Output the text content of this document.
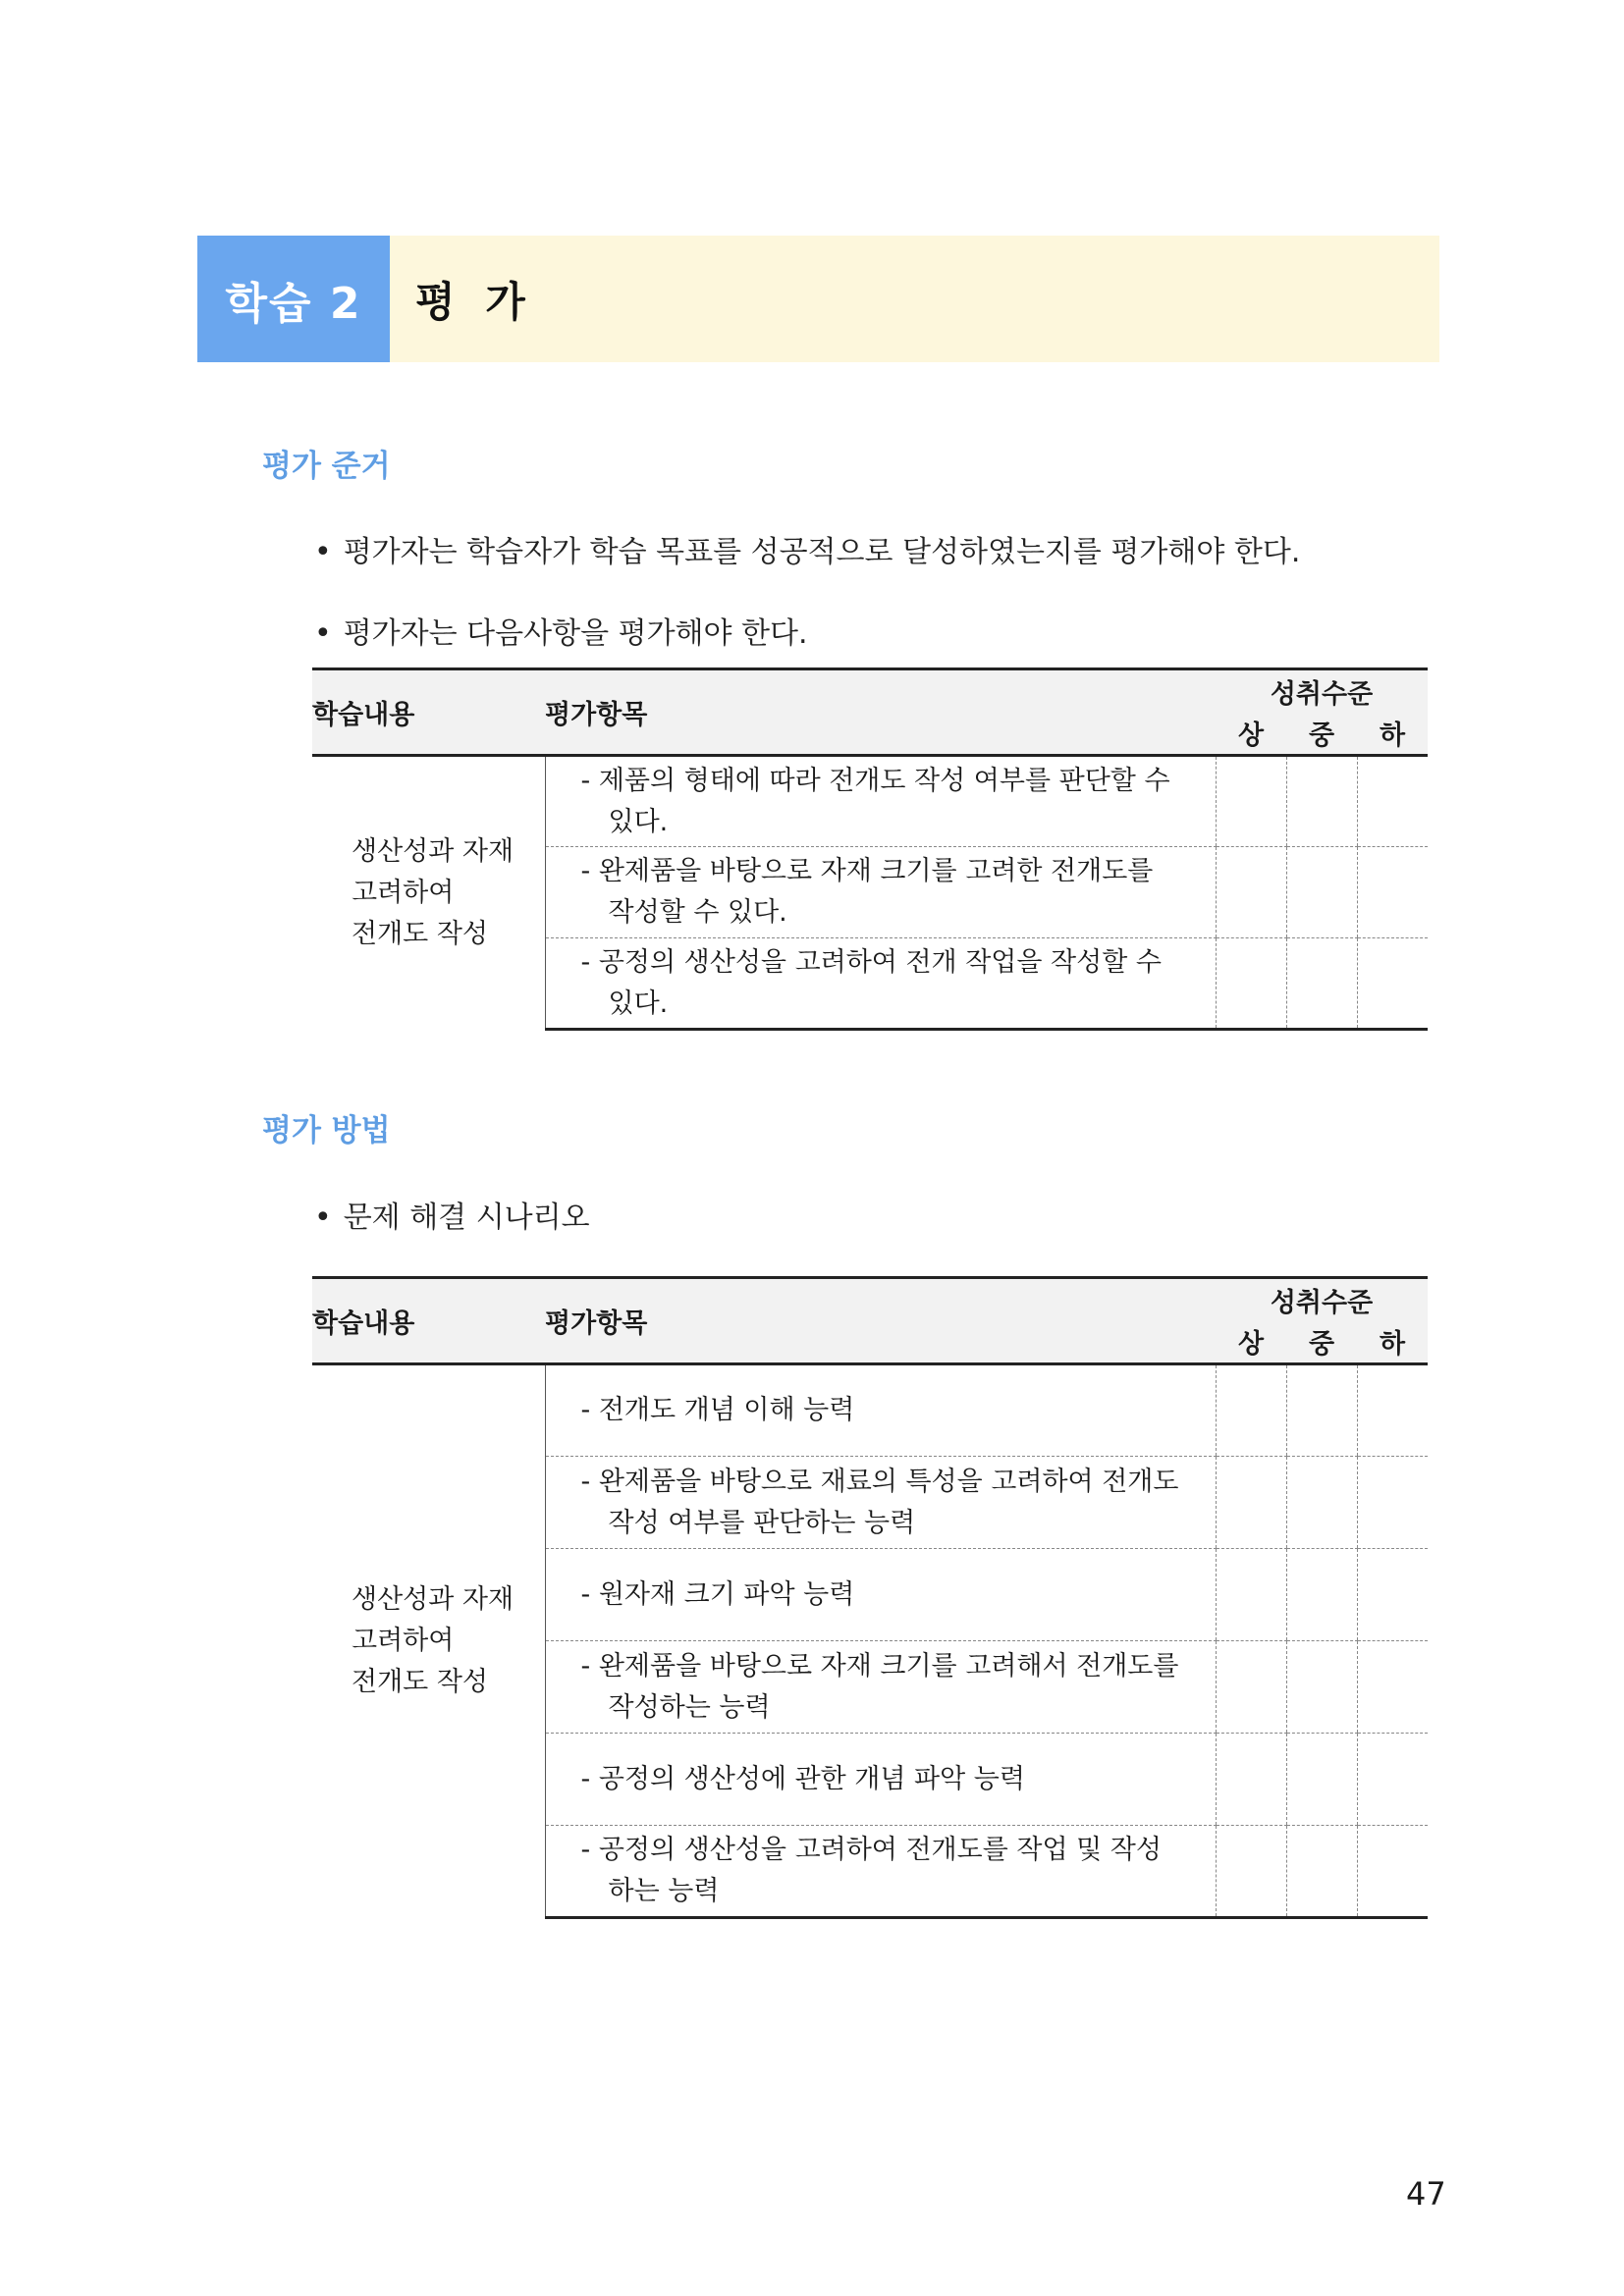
학습 2	평 가
평가 준거
• 평가자는 학습자가 학습 목표를 성공적으로 달성하였는지를 평가해야 한다.
• 평가자는 다음사항을 평가해야 한다.
학습내용	평가항목	성취수준		
		상	중	하
생산성과 자재
고려하여
전개도 작성	- 제품의 형태에 따라 전개도 작성 여부를 판단할 수 있다.			

	- 완제품을 바탕으로 자재 크기를 고려한 전개도를 작성할 수 있다.			

	- 공정의 생산성을 고려하여 전개 작업을 작성할 수 있다.			

평가 방법
• 문제 해결 시나리오
학습내용	평가항목	성취수준		
		상	중	하
생산성과 자재
고려하여
전개도 작성	- 전개도 개념 이해 능력			

	- 완제품을 바탕으로 재료의 특성을 고려하여 전개도 작성 여부를 판단하는 능력			

	- 원자재 크기 파악 능력			

	- 완제품을 바탕으로 자재 크기를 고려해서 전개도를 작성하는 능력			

	- 공정의 생산성에 관한 개념 파악 능력			

	- 공정의 생산성을 고려하여 전개도를 작업 및 작성하는 능력			

47
